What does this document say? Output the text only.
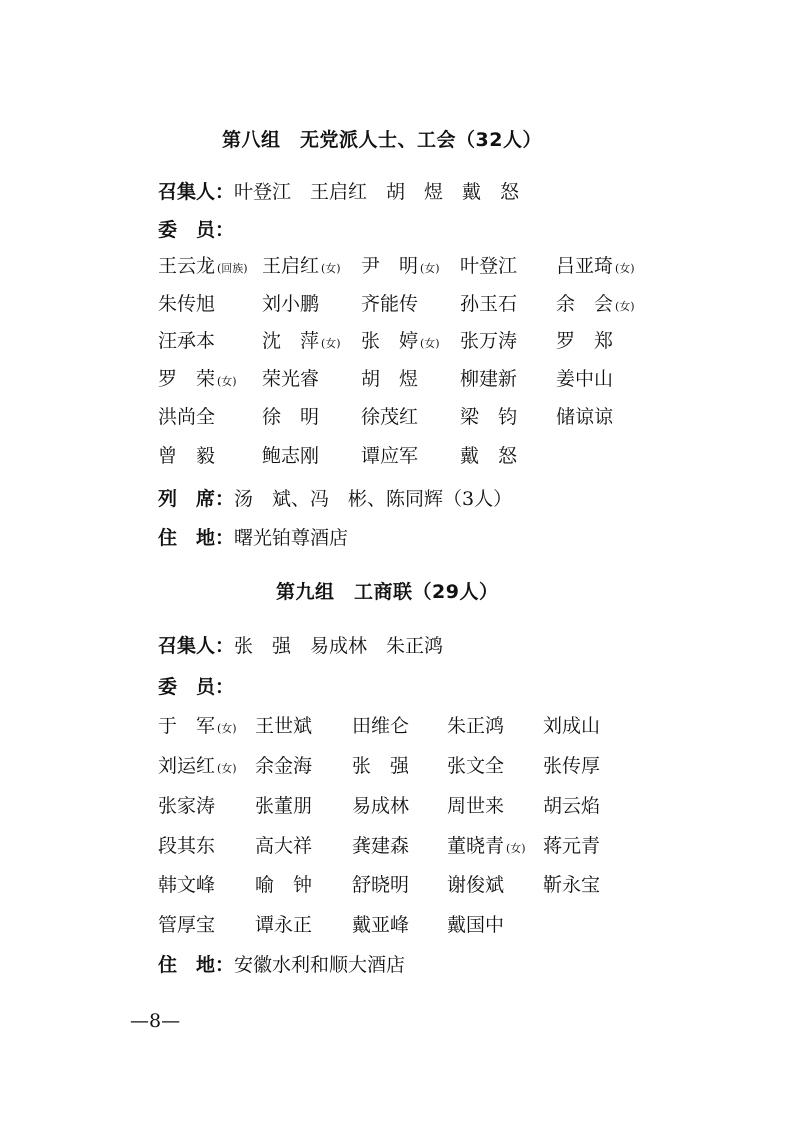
第八组　无党派人士、工会（32人）
召集人：叶登江　王启红　胡　煜　戴　怒
委　员：
王云龙 (回族) 王启红 (女) 尹　明 (女) 叶登江 吕亚琦 (女)
朱传旭 刘小鹏 齐能传 孙玉石 余　会 (女)
汪承本 沈　萍 (女) 张　婷 (女) 张万涛 罗　郑
罗　荣 (女) 荣光睿 胡　煜 柳建新 姜中山
洪尚全 徐　明 徐茂红 梁　钧 储谅谅
曾　毅 鲍志刚 谭应军 戴　怒
列　席：汤　斌、冯　彬、陈同辉（3人）
住　地：曙光铂尊酒店
第九组　工商联（29人）
召集人：张　强　易成林　朱正鸿
委　员：
于　军 (女) 王世斌 田维仑 朱正鸿 刘成山
刘运红 (女) 余金海 张　强 张文全 张传厚
张家涛 张董朋 易成林 周世来 胡云焰
段其东 高大祥 龚建森 董晓青 (女) 蒋元青
韩文峰 喻　钟 舒晓明 谢俊斌 靳永宝
管厚宝 谭永正 戴亚峰 戴国中
住　地：安徽水利和顺大酒店
—8—
